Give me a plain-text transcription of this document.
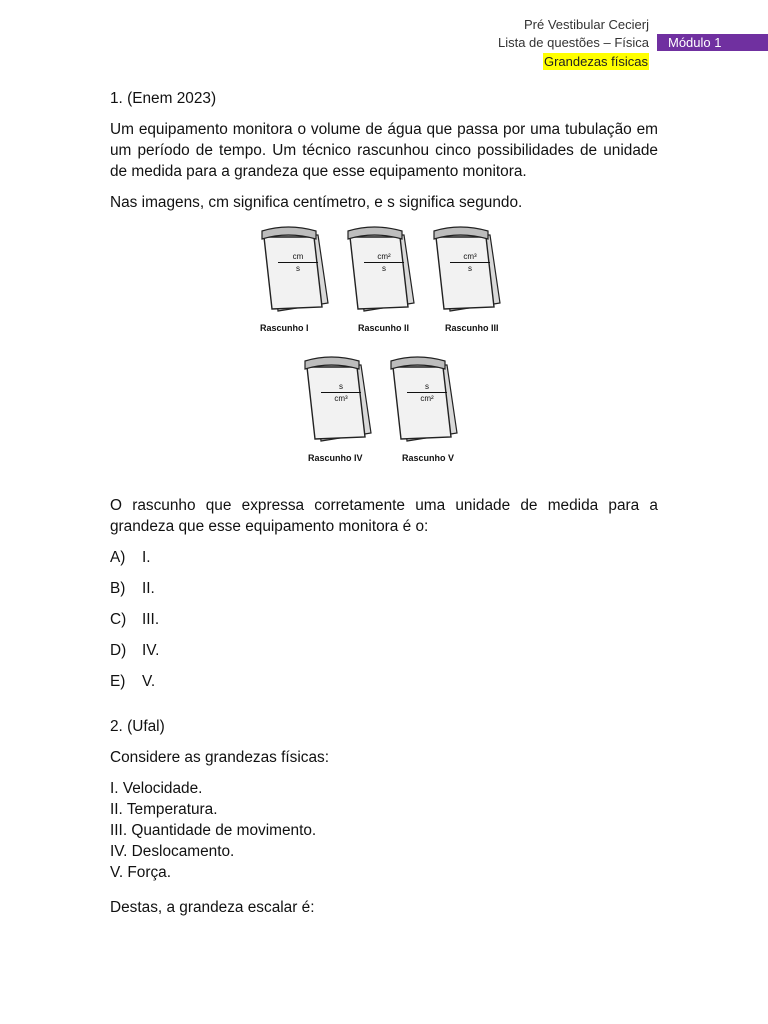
Pré Vestibular Cecierj
Lista de questões – Física
Grandezas físicas
Módulo 1

1. (Enem 2023)

Um equipamento monitora o volume de água que passa por uma tubulação em um período de tempo. Um técnico rascunhou cinco possibilidades de unidade de medida para a grandeza que esse equipamento monitora.

Nas imagens, cm significa centímetro, e s significa segundo.

$\frac{cm}{s}$
Rascunho I
$\frac{\text{cm²}}{s}$
Rascunho II
$\frac{\text{cm³}}{s}$
Rascunho III
$\frac{s}{\text{cm³}}$
Rascunho IV
$\frac{s}{\text{cm²}}$
Rascunho V

O rascunho que expressa corretamente uma unidade de medida para a grandeza que esse equipamento monitora é o:

A) I.
B) II.
C) III.
D) IV.
E) V.

2. (Ufal)

Considere as grandezas físicas:

I. Velocidade.

II. Temperatura.

III. Quantidade de movimento.

IV. Deslocamento.

V. Força.

Destas, a grandeza escalar é:
